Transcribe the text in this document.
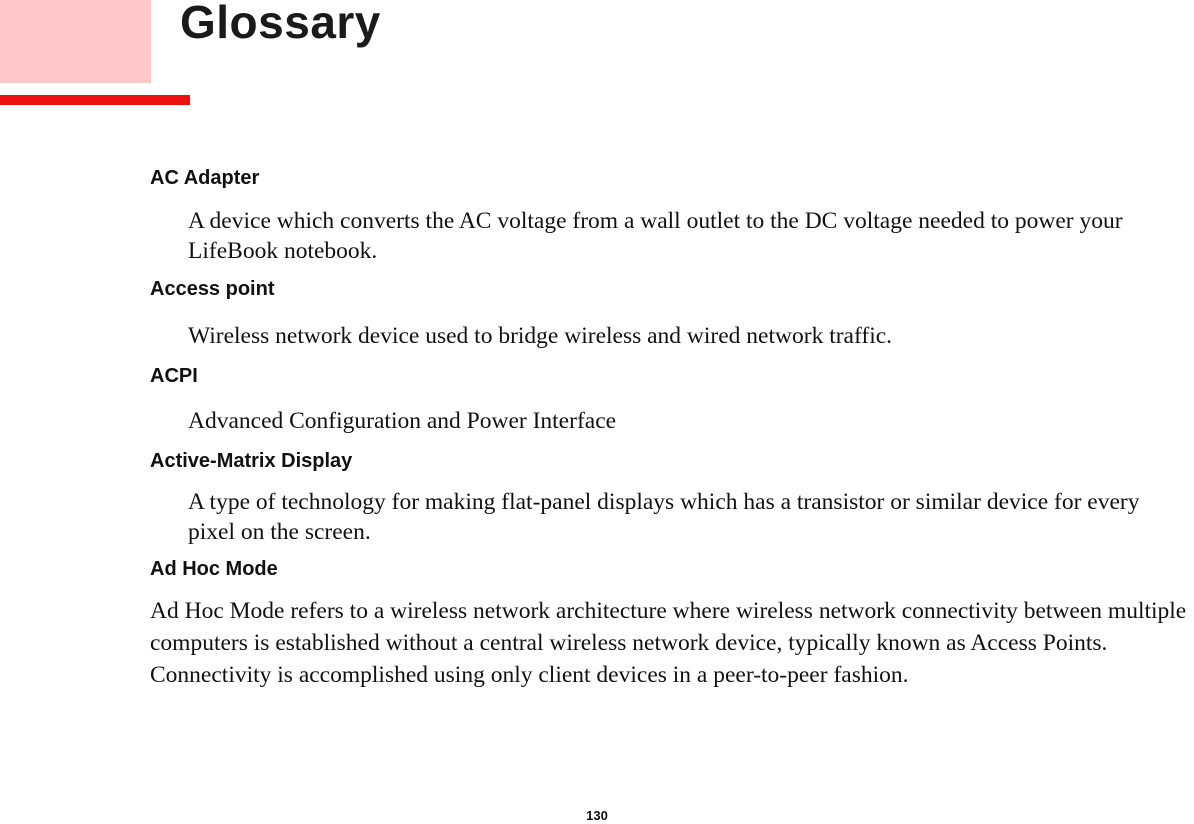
Glossary

AC Adapter

A device which converts the AC voltage from a wall outlet to the DC voltage needed to power your LifeBook notebook.

Access point

Wireless network device used to bridge wireless and wired network traffic.

ACPI

Advanced Configuration and Power Interface

Active-Matrix Display

A type of technology for making flat-panel displays which has a transistor or similar device for every pixel on the screen.

Ad Hoc Mode

Ad Hoc Mode refers to a wireless network architecture where wireless network connectivity between multiple computers is established without a central wireless network device, typically known as Access Points. Connectivity is accomplished using only client devices in a peer-to-peer fashion.

130
